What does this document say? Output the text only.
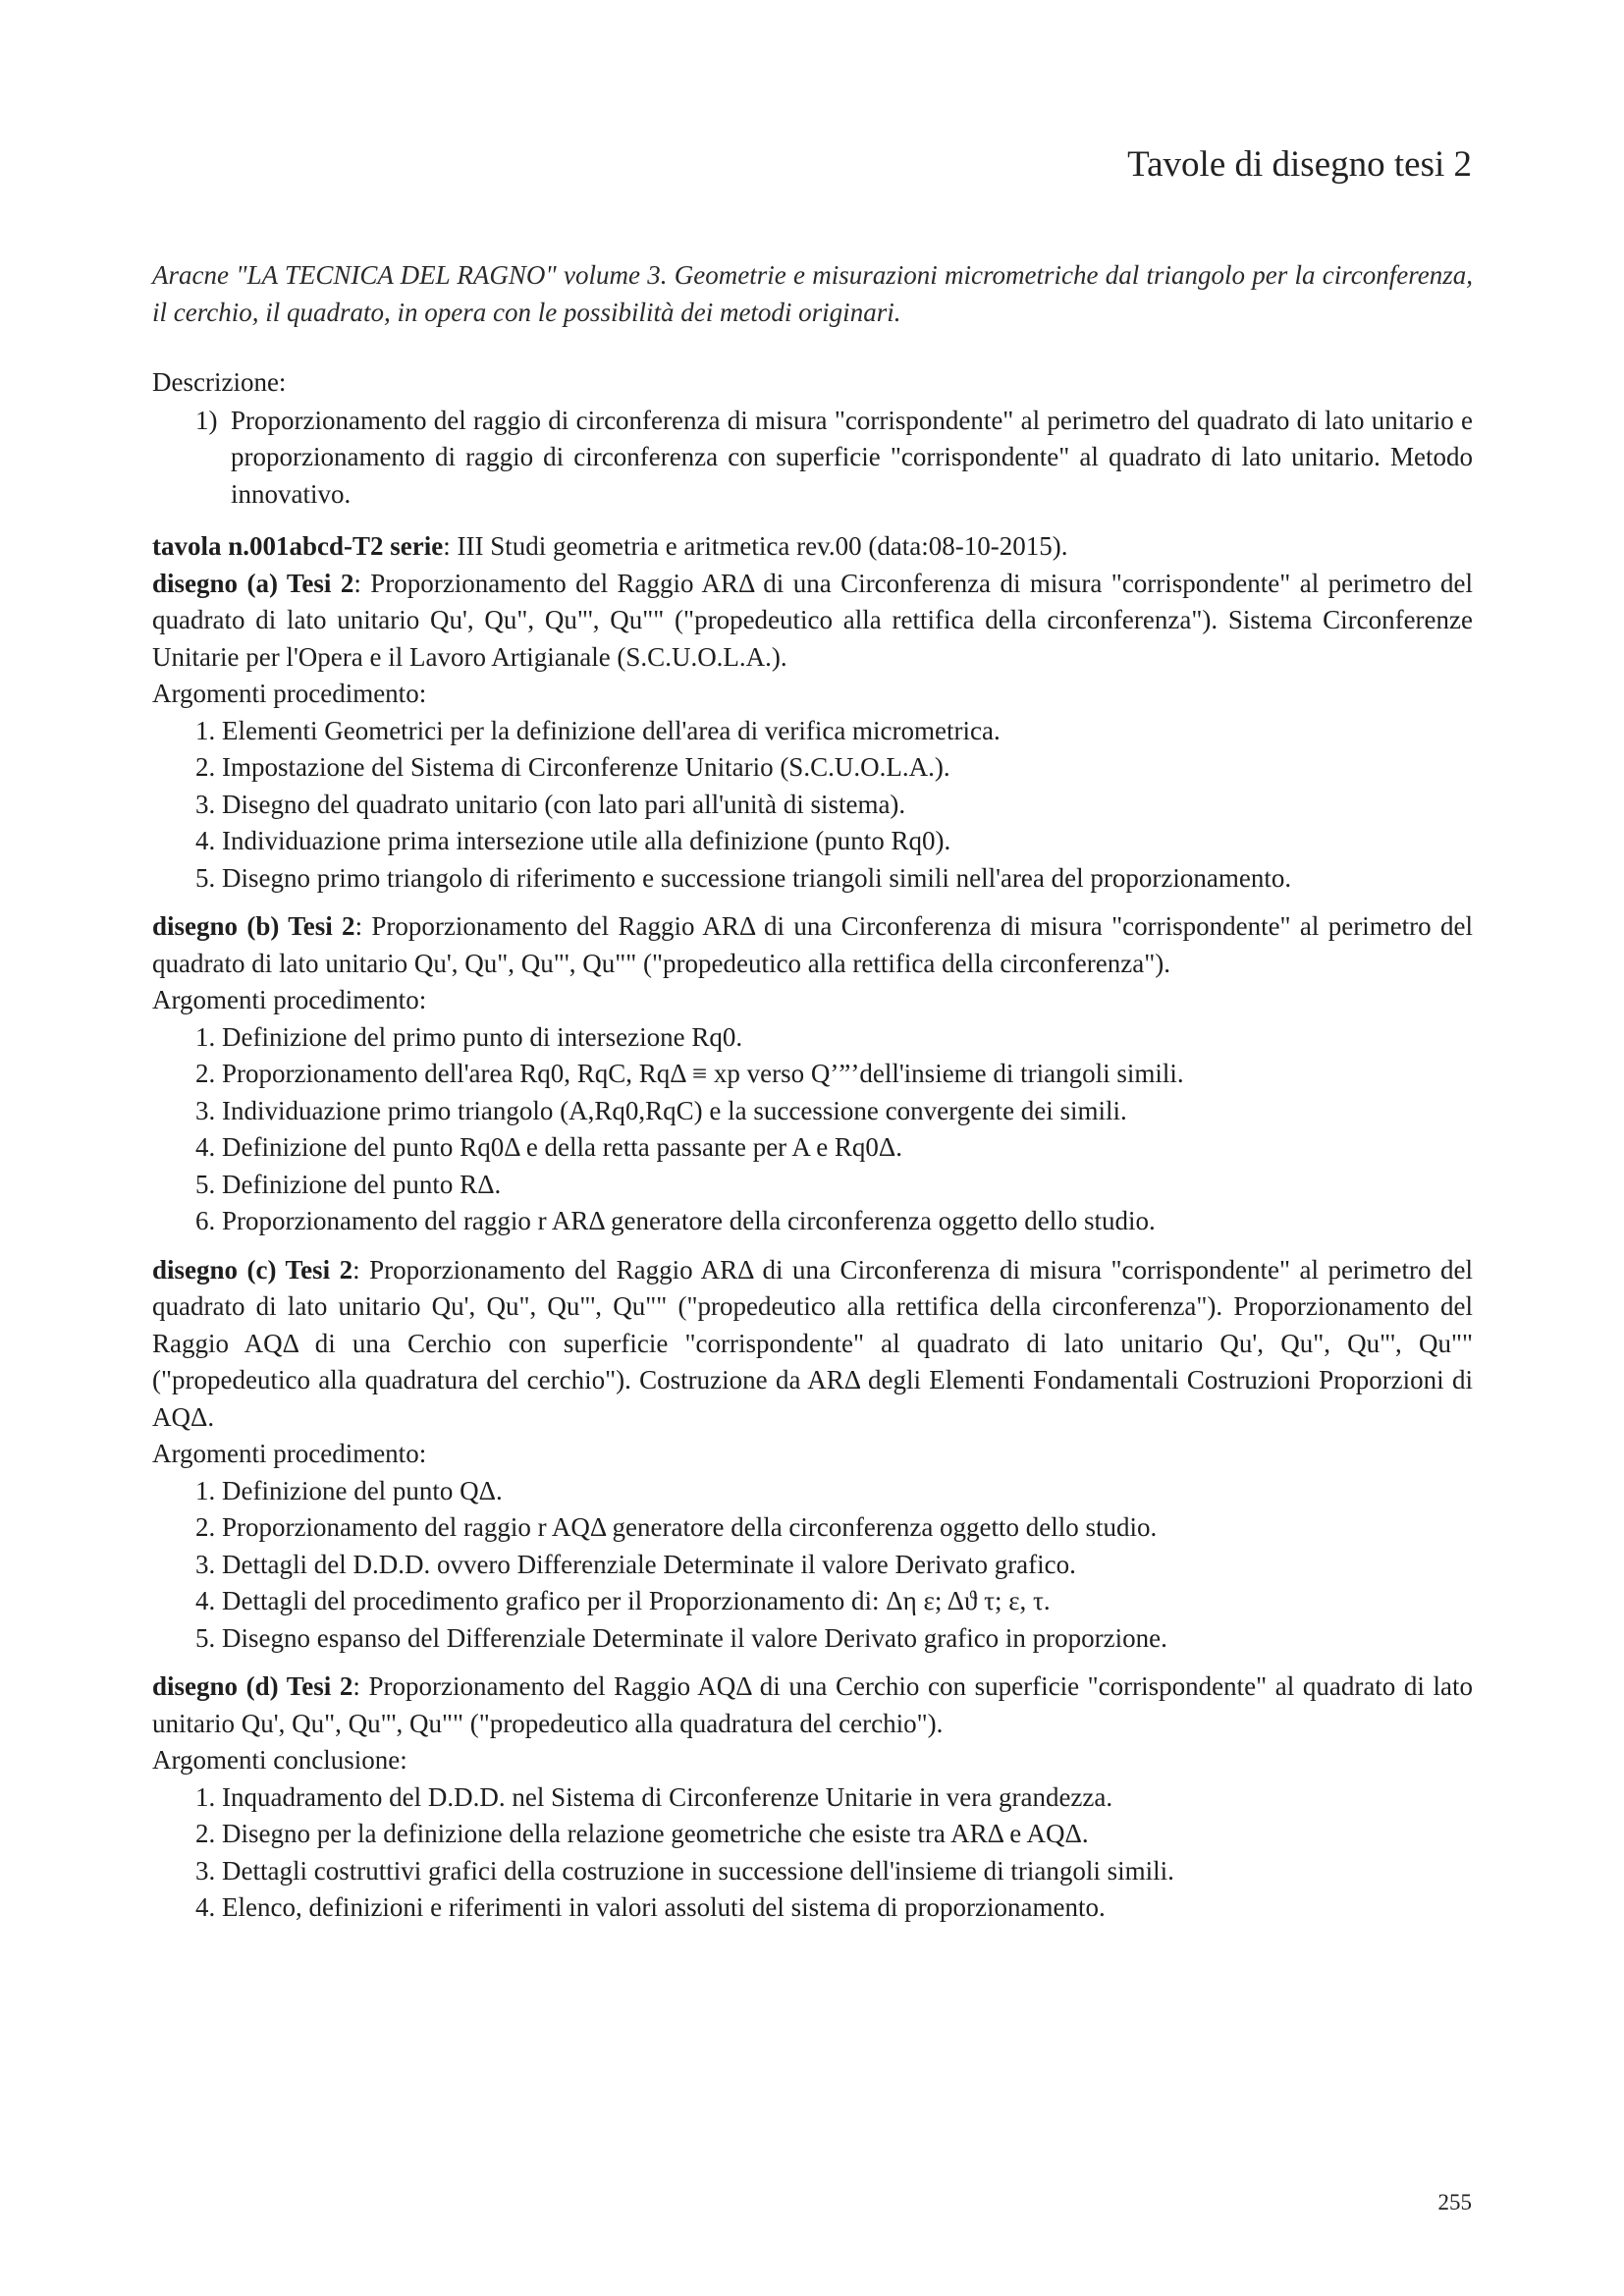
Tavole di disegno tesi 2

Aracne "LA TECNICA DEL RAGNO" volume 3. Geometrie e misurazioni micrometriche dal triangolo per la circonferenza, il cerchio, il quadrato, in opera con le possibilità dei metodi originari.

Descrizione:

1) Proporzionamento del raggio di circonferenza di misura "corrispondente" al perimetro del quadrato di lato unitario e proporzionamento di raggio di circonferenza con superficie "corrispondente" al quadrato di lato unitario. Metodo innovativo.

tavola n.001abcd-T2 serie: III Studi geometria e aritmetica rev.00 (data:08-10-2015).

disegno (a) Tesi 2: Proporzionamento del Raggio ARΔ di una Circonferenza di misura "corrispondente" al perimetro del quadrato di lato unitario Qu', Qu", Qu"', Qu"" ("propedeutico alla rettifica della circonferenza"). Sistema Circonferenze Unitarie per l'Opera e il Lavoro Artigianale (S.C.U.O.L.A.).

Argomenti procedimento:

1. Elementi Geometrici per la definizione dell'area di verifica micrometrica.
2. Impostazione del Sistema di Circonferenze Unitario (S.C.U.O.L.A.).
3. Disegno del quadrato unitario (con lato pari all'unità di sistema).
4. Individuazione prima intersezione utile alla definizione (punto Rq0).
5. Disegno primo triangolo di riferimento e successione triangoli simili nell'area del proporzionamento.

disegno (b) Tesi 2: Proporzionamento del Raggio ARΔ di una Circonferenza di misura "corrispondente" al perimetro del quadrato di lato unitario Qu', Qu", Qu"', Qu"" ("propedeutico alla rettifica della circonferenza").

Argomenti procedimento:

1. Definizione del primo punto di intersezione Rq0.
2. Proporzionamento dell'area Rq0, RqC, RqΔ ≡ xp verso Q’”’dell'insieme di triangoli simili.
3. Individuazione primo triangolo (A,Rq0,RqC) e la successione convergente dei simili.
4. Definizione del punto Rq0Δ e della retta passante per A e Rq0Δ.
5. Definizione del punto RΔ.
6. Proporzionamento del raggio r ARΔ generatore della circonferenza oggetto dello studio.

disegno (c) Tesi 2: Proporzionamento del Raggio ARΔ di una Circonferenza di misura "corrispondente" al perimetro del quadrato di lato unitario Qu', Qu", Qu"', Qu"" ("propedeutico alla rettifica della circonferenza"). Proporzionamento del Raggio AQΔ di una Cerchio con superficie "corrispondente" al quadrato di lato unitario Qu', Qu", Qu"', Qu"" ("propedeutico alla quadratura del cerchio"). Costruzione da ARΔ degli Elementi Fondamentali Costruzioni Proporzioni di AQΔ.

Argomenti procedimento:

1. Definizione del punto QΔ.
2. Proporzionamento del raggio r AQΔ generatore della circonferenza oggetto dello studio.
3. Dettagli del D.D.D. ovvero Differenziale Determinate il valore Derivato grafico.
4. Dettagli del procedimento grafico per il Proporzionamento di: Δη ε; Δϑ τ; ε, τ.
5. Disegno espanso del Differenziale Determinate il valore Derivato grafico in proporzione.

disegno (d) Tesi 2: Proporzionamento del Raggio AQΔ di una Cerchio con superficie "corrispondente" al quadrato di lato unitario Qu', Qu", Qu"', Qu"" ("propedeutico alla quadratura del cerchio").

Argomenti conclusione:

1. Inquadramento del D.D.D. nel Sistema di Circonferenze Unitarie in vera grandezza.
2. Disegno per la definizione della relazione geometriche che esiste tra ARΔ e AQΔ.
3. Dettagli costruttivi grafici della costruzione in successione dell'insieme di triangoli simili.
4. Elenco, definizioni e riferimenti in valori assoluti del sistema di proporzionamento.
255
